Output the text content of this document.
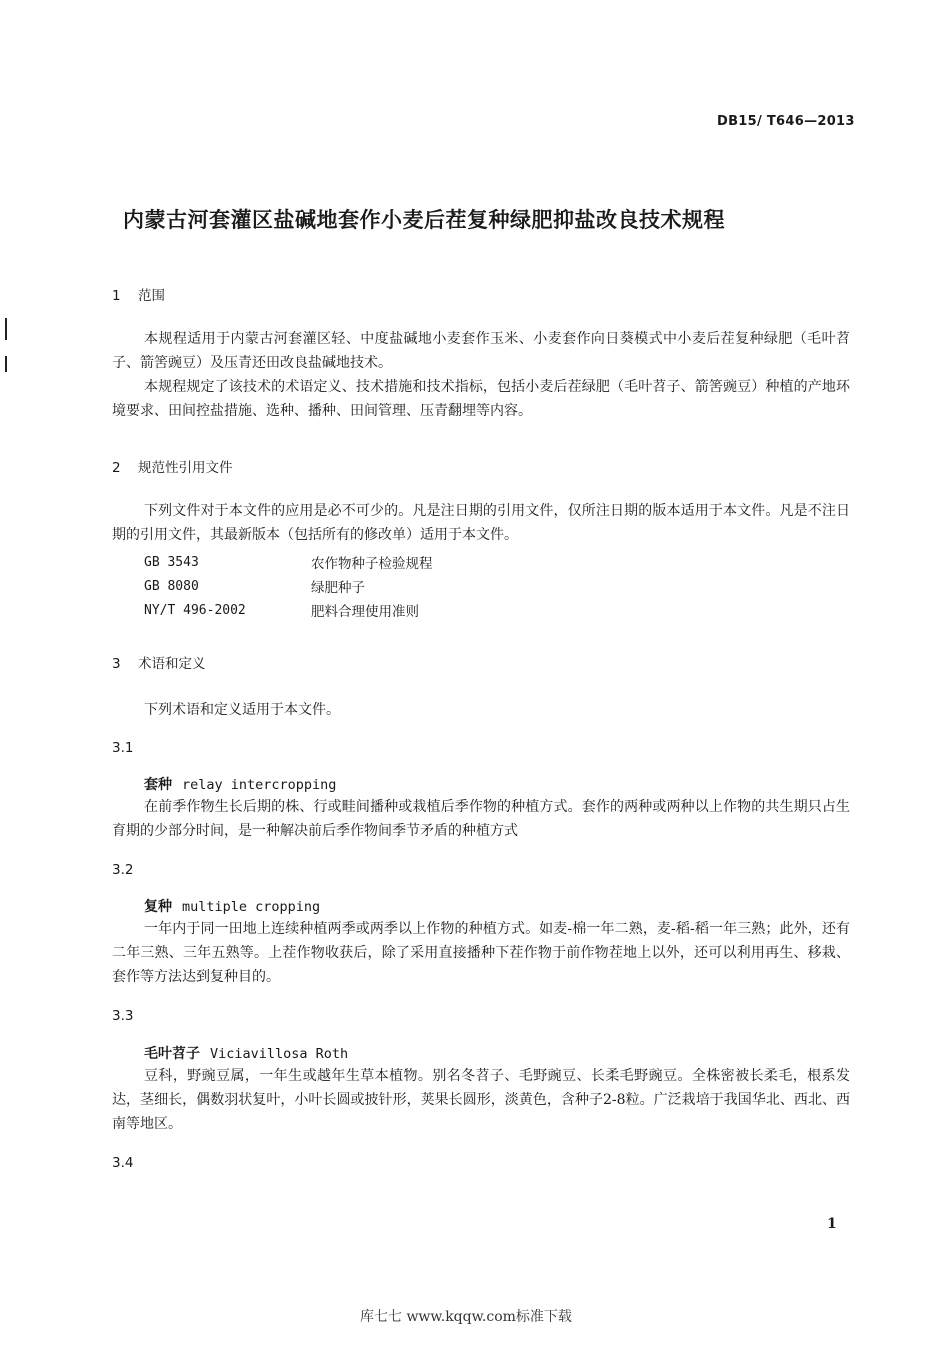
DB15/ T646—2013
内蒙古河套灌区盐碱地套作小麦后茬复种绿肥抑盐改良技术规程
1 范围

本规程适用于内蒙古河套灌区轻、中度盐碱地小麦套作玉米、小麦套作向日葵模式中小麦后茬复种绿肥（毛叶苕子、箭筈豌豆）及压青还田改良盐碱地技术。

本规程规定了该技术的术语定义、技术措施和技术指标，包括小麦后茬绿肥（毛叶苕子、箭筈豌豆）种植的产地环境要求、田间控盐措施、选种、播种、田间管理、压青翻埋等内容。

2 规范性引用文件

下列文件对于本文件的应用是必不可少的。凡是注日期的引用文件，仅所注日期的版本适用于本文件。凡是不注日期的引用文件，其最新版本（包括所有的修改单）适用于本文件。

GB 3543	农作物种子检验规程
GB 8080	绿肥种子
NY/T 496-2002	肥料合理使用准则
3 术语和定义
下列术语和定义适用于本文件。
3.1
套种 relay intercropping

在前季作物生长后期的株、行或畦间播种或栽植后季作物的种植方式。套作的两种或两种以上作物的共生期只占生育期的少部分时间，是一种解决前后季作物间季节矛盾的种植方式

3.2
复种 multiple cropping

一年内于同一田地上连续种植两季或两季以上作物的种植方式。如麦-棉一年二熟，麦-稻-稻一年三熟；此外，还有二年三熟、三年五熟等。上茬作物收获后，除了采用直接播种下茬作物于前作物茬地上以外，还可以利用再生、移栽、套作等方法达到复种目的。

3.3
毛叶苕子 Viciavillosa Roth

豆科，野豌豆属，一年生或越年生草本植物。别名冬苕子、毛野豌豆、长柔毛野豌豆。全株密被长柔毛，根系发达，茎细长，偶数羽状复叶，小叶长圆或披针形，荚果长圆形，淡黄色，含种子2-8粒。广泛栽培于我国华北、西北、西南等地区。

3.4
1
库七七 www.kqqw.com标准下载
